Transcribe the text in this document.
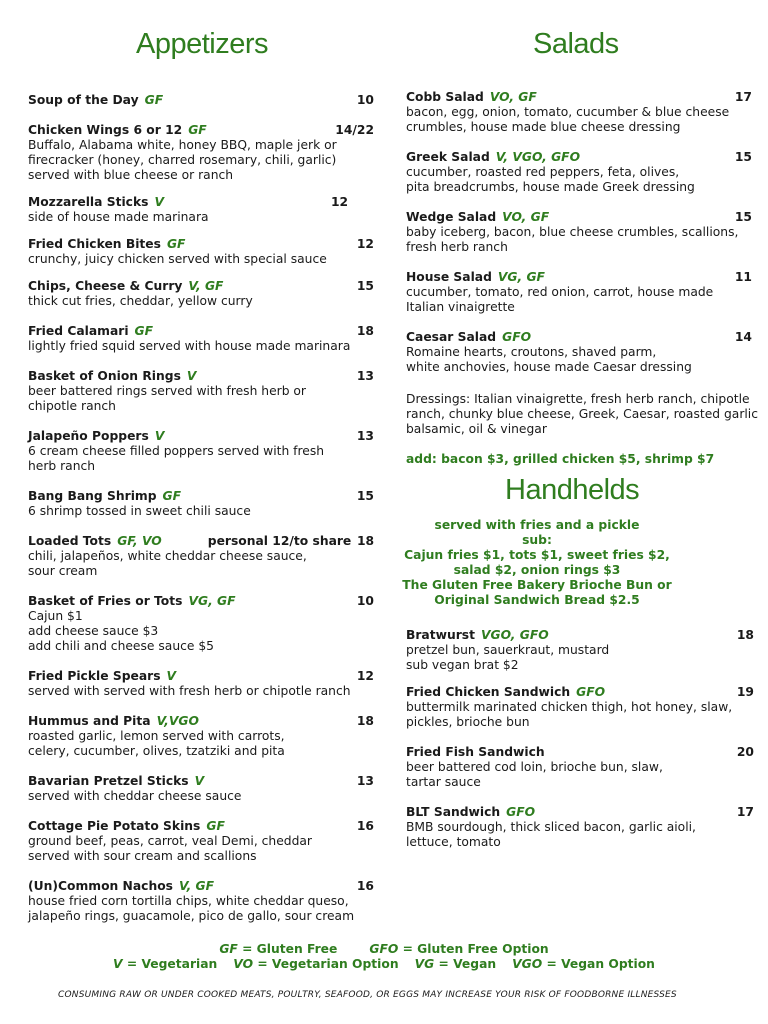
Appetizers	Salads
Handhelds
Soup of the Day GF	10
Chicken Wings 6 or 12 GF
Buffalo, Alabama white, honey BBQ, maple jerk or
firecracker (honey, charred rosemary, chili, garlic)
served with blue cheese or ranch
14/22
Mozzarella Sticks V
side of house made marinara
12
Fried Chicken Bites GF
crunchy, juicy chicken served with special sauce
12
Chips, Cheese & Curry V, GF
thick cut fries, cheddar, yellow curry
15
Fried Calamari GF
lightly fried squid served with house made marinara
18
Basket of Onion Rings V
beer battered rings served with fresh herb or
chipotle ranch
13
Jalapeño Poppers V
6 cream cheese filled poppers served with fresh
herb ranch
13
Bang Bang Shrimp GF
6 shrimp tossed in sweet chili sauce
15
Loaded Tots GF, VO	personal 12/to share
chili, jalapeños, white cheddar cheese sauce,
sour cream
18
Basket of Fries or Tots VG, GF
Cajun $1
add cheese sauce $3
add chili and cheese sauce $5
10
Fried Pickle Spears V
served with served with fresh herb or chipotle ranch
12
Hummus and Pita V,VGO
roasted garlic, lemon served with carrots,
celery, cucumber, olives, tzatziki and pita
18
Bavarian Pretzel Sticks V
served with cheddar cheese sauce
13
Cottage Pie Potato Skins GF
ground beef, peas, carrot, veal Demi, cheddar
served with sour cream and scallions
16
(Un)Common Nachos V, GF
house fried corn tortilla chips, white cheddar queso,
jalapeño rings, guacamole, pico de gallo, sour cream
16
Cobb Salad VO, GF
bacon, egg, onion, tomato, cucumber & blue cheese
crumbles, house made blue cheese dressing
17
Greek Salad V, VGO, GFO
cucumber, roasted red peppers, feta, olives,
pita breadcrumbs, house made Greek dressing
15
Wedge Salad VO, GF
baby iceberg, bacon, blue cheese crumbles, scallions,
fresh herb ranch
15
House Salad VG, GF
cucumber, tomato, red onion, carrot, house made
Italian vinaigrette
11
Caesar Salad GFO
Romaine hearts, croutons, shaved parm,
white anchovies, house made Caesar dressing
14
Dressings: Italian vinaigrette, fresh herb ranch, chipotle
ranch, chunky blue cheese, Greek, Caesar, roasted garlic
balsamic, oil & vinegar
add: bacon $3, grilled chicken $5, shrimp $7
served with fries and a pickle
sub:
Cajun fries $1, tots $1, sweet fries $2,
salad $2, onion rings $3
The Gluten Free Bakery Brioche Bun or
Original Sandwich Bread $2.5
Bratwurst VGO, GFO
pretzel bun, sauerkraut, mustard
sub vegan brat $2
18
Fried Chicken Sandwich GFO
buttermilk marinated chicken thigh, hot honey, slaw,
pickles, brioche bun
19
Fried Fish Sandwich
beer battered cod loin, brioche bun, slaw,
tartar sauce
20
BLT Sandwich GFO
BMB sourdough, thick sliced bacon, garlic aioli,
lettuce, tomato
17
GF = Gluten Free	GFO = Gluten Free Option
V = Vegetarian VO = Vegetarian Option VG = Vegan VGO = Vegan Option
CONSUMING RAW OR UNDER COOKED MEATS, POULTRY, SEAFOOD, OR EGGS MAY INCREASE YOUR RISK OF FOODBORNE ILLNESSES
